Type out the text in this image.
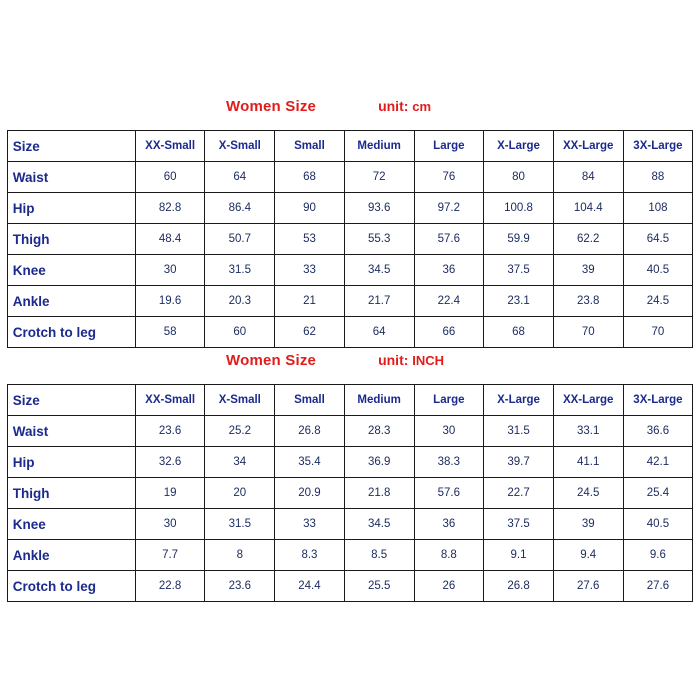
Women Size	unit: cm
Size	XX-Small	X-Small	Small	Medium	Large	X-Large	XX-Large	3X-Large
Waist	60	64	68	72	76	80	84	88
Hip	82.8	86.4	90	93.6	97.2	100.8	104.4	108
Thigh	48.4	50.7	53	55.3	57.6	59.9	62.2	64.5
Knee	30	31.5	33	34.5	36	37.5	39	40.5
Ankle	19.6	20.3	21	21.7	22.4	23.1	23.8	24.5
Crotch to leg	58	60	62	64	66	68	70	70
Women Size	unit: INCH
Size	XX-Small	X-Small	Small	Medium	Large	X-Large	XX-Large	3X-Large
Waist	23.6	25.2	26.8	28.3	30	31.5	33.1	36.6
Hip	32.6	34	35.4	36.9	38.3	39.7	41.1	42.1
Thigh	19	20	20.9	21.8	57.6	22.7	24.5	25.4
Knee	30	31.5	33	34.5	36	37.5	39	40.5
Ankle	7.7	8	8.3	8.5	8.8	9.1	9.4	9.6
Crotch to leg	22.8	23.6	24.4	25.5	26	26.8	27.6	27.6
